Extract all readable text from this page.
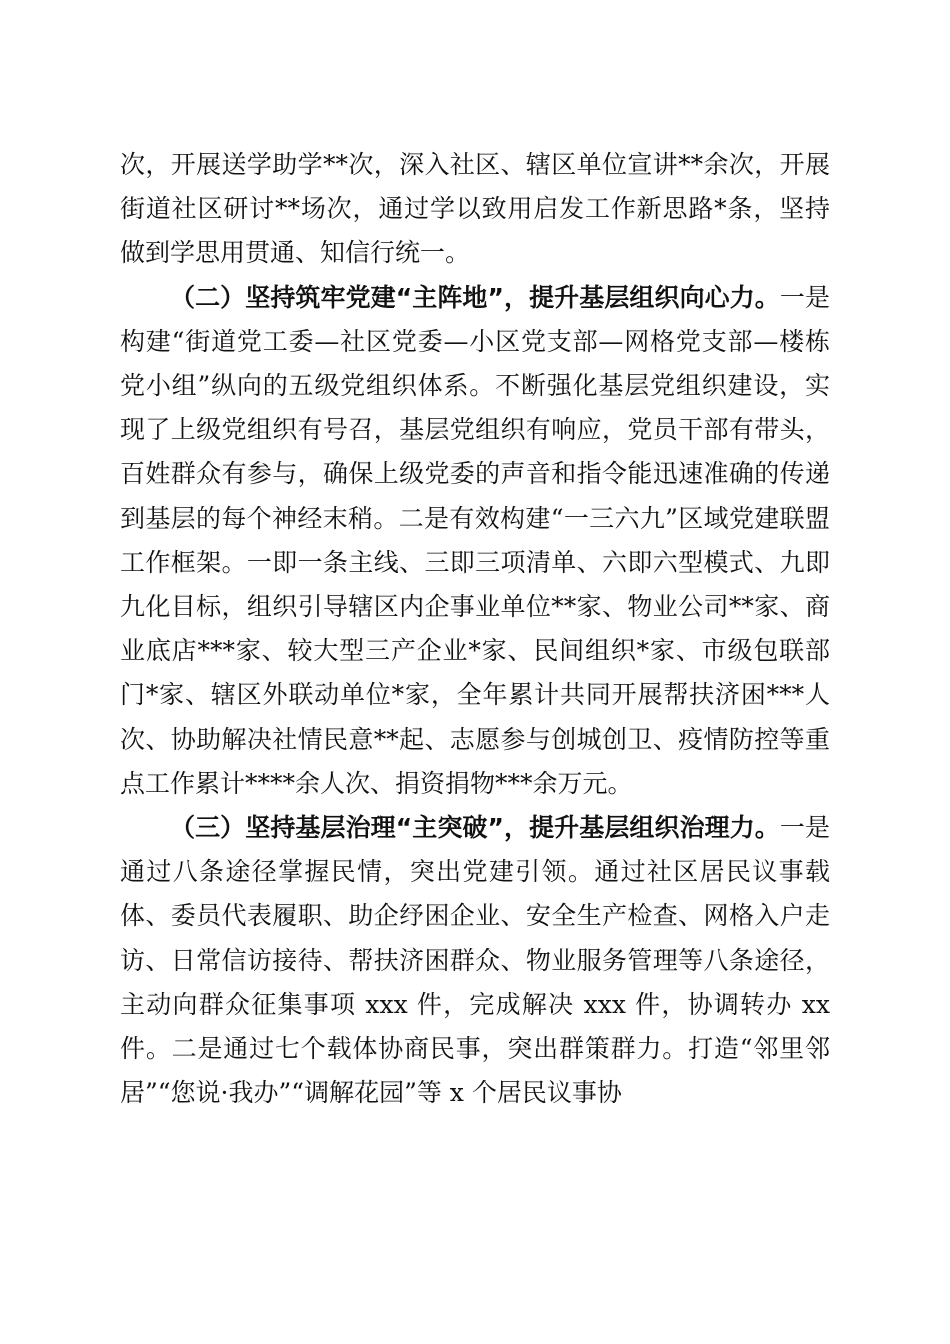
次，开展送学助学**次，深入社区、辖区单位宣讲**余次，开展街道社区研讨**场次，通过学以致用启发工作新思路*条，坚持做到学思用贯通、知信行统一。

（二）坚持筑牢党建“主阵地”，提升基层组织向心力。一是构建“街道党工委—社区党委—小区党支部—网格党支部—楼栋党小组”纵向的五级党组织体系。不断强化基层党组织建设，实现了上级党组织有号召，基层党组织有响应，党员干部有带头，百姓群众有参与，确保上级党委的声音和指令能迅速准确的传递到基层的每个神经末稍。二是有效构建“一三六九”区域党建联盟工作框架。一即一条主线、三即三项清单、六即六型模式、九即九化目标，组织引导辖区内企事业单位**家、物业公司**家、商业底店***家、较大型三产企业*家、民间组织*家、市级包联部门*家、辖区外联动单位*家，全年累计共同开展帮扶济困***人次、协助解决社情民意**起、志愿参与创城创卫、疫情防控等重点工作累计****余人次、捐资捐物***余万元。

（三）坚持基层治理“主突破”，提升基层组织治理力。一是通过八条途径掌握民情，突出党建引领。通过社区居民议事载体、委员代表履职、助企纾困企业、安全生产检查、网格入户走访、日常信访接待、帮扶济困群众、物业服务管理等八条途径，主动向群众征集事项 xxx 件，完成解决 xxx 件，协调转办 xx 件。二是通过七个载体协商民事，突出群策群力。打造“邻里邻居”“您说·我办”“调解花园”等 x 个居民议事协
